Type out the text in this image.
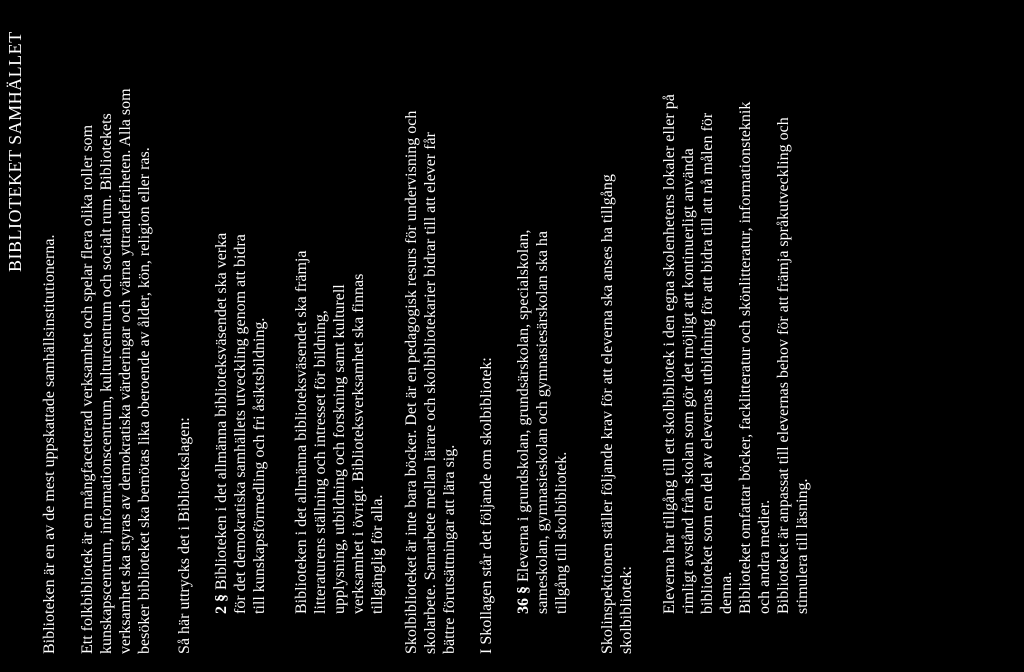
BIBLIOTEKET SAMHÄLLET
Biblioteken är en av de mest uppskattade samhällsinstitutionerna. Ett folkbibliotek är en mångfacetterad verksamhet och spelar flera olika roller som kunskapscentrum, informationscentrum, kulturcentrum och socialt rum. Bibliotekets verksamhet ska styras av demokratiska värderingar och värna yttrandefriheten. Alla som besöker biblioteket ska bemötas lika oberoende av ålder, kön, religion eller ras. Så här uttrycks det i Bibliotekslagen: 2 § Biblioteken i det allmänna biblioteksväsendet ska verka för det demokratiska samhällets utveckling genom att bidra till kunskapsförmedling och fri åsiktsbildning. Biblioteken i det allmänna biblioteksväsendet ska främja litteraturens ställning och intresset för bildning, upplysning, utbildning och forskning samt kulturell verksamhet i övrigt. Biblioteksverksamhet ska finnas tillgänglig för alla. Skolbiblioteket är inte bara böcker. Det är en pedagogisk resurs för undervisning och skolarbete. Samarbete mellan lärare och skolbibliotekarier bidrar till att elever får bättre förutsättningar att lära sig. I Skollagen står det följande om skolbibliotek: 36 § Eleverna i grundskolan, grundsärskolan, specialskolan, sameskolan, gymnasieskolan och gymnasiesärskolan ska ha tillgång till skolbibliotek. Skolinspektionen ställer följande krav för att eleverna ska anses ha tillgång skolbibliotek: Eleverna har tillgång till ett skolbibliotek i den egna skolenhetens lokaler eller på rimligt avstånd från skolan som gör det möjligt att kontinuerligt använda biblioteket som en del av elevernas utbildning för att bidra till att nå målen för denna. Biblioteket omfattar böcker, facklitteratur och skönlitteratur, informationsteknik och andra medier. Biblioteket är anpassat till elevernas behov för att främja språkutveckling och stimulera till läsning.
